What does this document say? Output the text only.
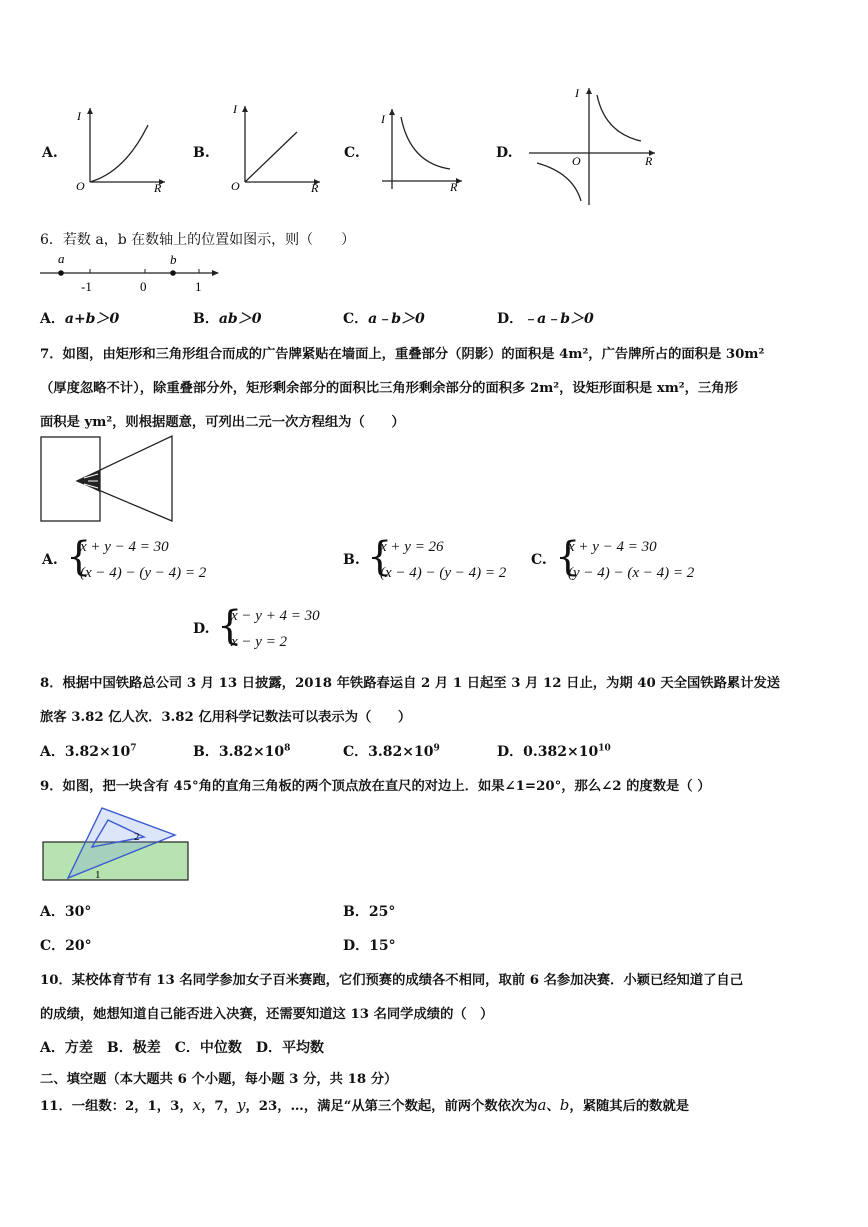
A.
I
O	R
B.
I
O	R
C.
I
R
D.
I
O	R
6．若数 a，b 在数轴上的位置如图示，则（　　）
a	b
-1	0	1
A．a+b＞0	B．ab＞0	C．a﹣b＞0	D．﹣a﹣b＞0
7．如图，由矩形和三角形组合而成的广告牌紧贴在墙面上，重叠部分（阴影）的面积是 4m²，广告牌所占的面积是 30m²
（厚度忽略不计），除重叠部分外，矩形剩余部分的面积比三角形剩余部分的面积多 2m²，设矩形面积是 xm²，三角形
面积是 ym²，则根据题意，可列出二元一次方程组为（　　）
A. {
x + y − 4 = 30
(x − 4) − (y − 4) = 2
B. {
x + y = 26
(x − 4) − (y − 4) = 2
C. {
x + y − 4 = 30
(y − 4) − (x − 4) = 2
D. {
x − y + 4 = 30
x − y = 2
8．根据中国铁路总公司 3 月 13 日披露，2018 年铁路春运自 2 月 1 日起至 3 月 12 日止，为期 40 天全国铁路累计发送
旅客 3.82 亿人次．3.82 亿用科学记数法可以表示为（　　）
A．$3.82\times 10^7$	B．$3.82\times 10^8$	C．$3.82\times 10^9$	D．$0.382\times 10^{10}$
9．如图，把一块含有 45°角的直角三角板的两个顶点放在直尺的对边上．如果∠1=20°，那么∠2 的度数是（ ）
2
1
A．30°	B．25°
C．20°	D．15°
10．某校体育节有 13 名同学参加女子百米赛跑，它们预赛的成绩各不相同，取前 6 名参加决赛．小颖已经知道了自己
的成绩，她想知道自己能否进入决赛，还需要知道这 13 名同学成绩的（　）
A．方差　B．极差　C．中位数　D．平均数
二、填空题（本大题共 6 个小题，每小题 3 分，共 18 分）
11．一组数：2，1，3，x，7，y，23，…，满足“从第三个数起，前两个数依次为a、b，紧随其后的数就是
